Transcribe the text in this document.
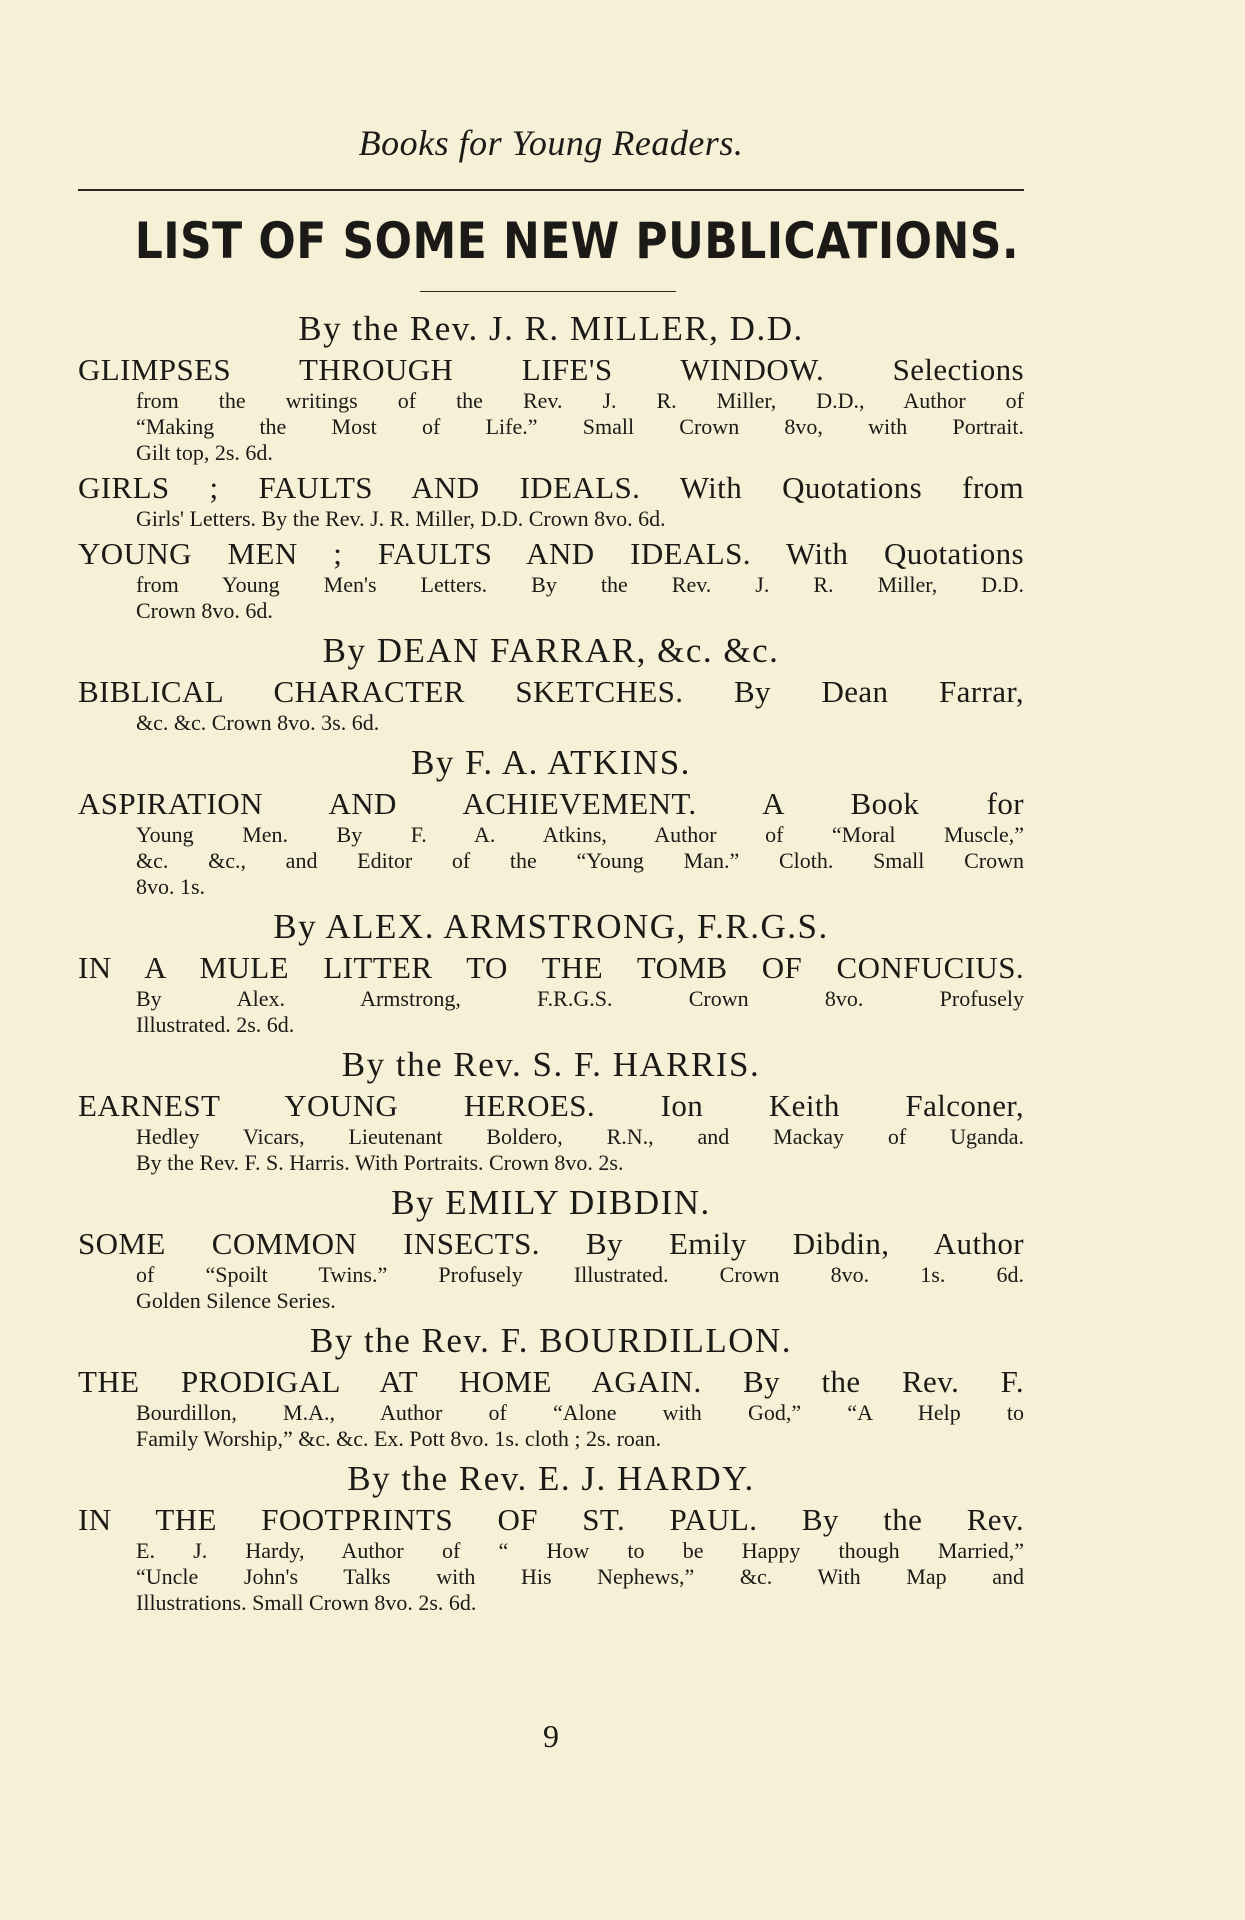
Books for Young Readers.
LIST OF SOME NEW PUBLICATIONS.

By the Rev. J. R. MILLER, D.D.

GLIMPSES THROUGH LIFE'S WINDOW. Selections

from the writings of the Rev. J. R. Miller, D.D., Author of
“Making the Most of Life.” Small Crown 8vo, with Portrait.
Gilt top, 2s. 6d.

GIRLS ; FAULTS AND IDEALS. With Quotations from

Girls' Letters. By the Rev. J. R. Miller, D.D. Crown 8vo. 6d.

YOUNG MEN ; FAULTS AND IDEALS. With Quotations

from Young Men's Letters. By the Rev. J. R. Miller, D.D.
Crown 8vo. 6d.

By DEAN FARRAR, &c. &c.

BIBLICAL CHARACTER SKETCHES. By Dean Farrar,

&c. &c. Crown 8vo. 3s. 6d.

By F. A. ATKINS.

ASPIRATION AND ACHIEVEMENT. A Book for

Young Men. By F. A. Atkins, Author of “Moral Muscle,”
&c. &c., and Editor of the “Young Man.” Cloth. Small Crown
8vo. 1s.

By ALEX. ARMSTRONG, F.R.G.S.

IN A MULE LITTER TO THE TOMB OF CONFUCIUS.

By Alex. Armstrong, F.R.G.S. Crown 8vo. Profusely
Illustrated. 2s. 6d.

By the Rev. S. F. HARRIS.

EARNEST YOUNG HEROES. Ion Keith Falconer,

Hedley Vicars, Lieutenant Boldero, R.N., and Mackay of Uganda.
By the Rev. F. S. Harris. With Portraits. Crown 8vo. 2s.

By EMILY DIBDIN.

SOME COMMON INSECTS. By Emily Dibdin, Author

of “Spoilt Twins.” Profusely Illustrated. Crown 8vo. 1s. 6d.
Golden Silence Series.

By the Rev. F. BOURDILLON.

THE PRODIGAL AT HOME AGAIN. By the Rev. F.

Bourdillon, M.A., Author of “Alone with God,” “A Help to
Family Worship,” &c. &c. Ex. Pott 8vo. 1s. cloth ; 2s. roan.

By the Rev. E. J. HARDY.

IN THE FOOTPRINTS OF ST. PAUL. By the Rev.

E. J. Hardy, Author of “ How to be Happy though Married,”
“Uncle John's Talks with His Nephews,” &c. With Map and
Illustrations. Small Crown 8vo. 2s. 6d.
9
